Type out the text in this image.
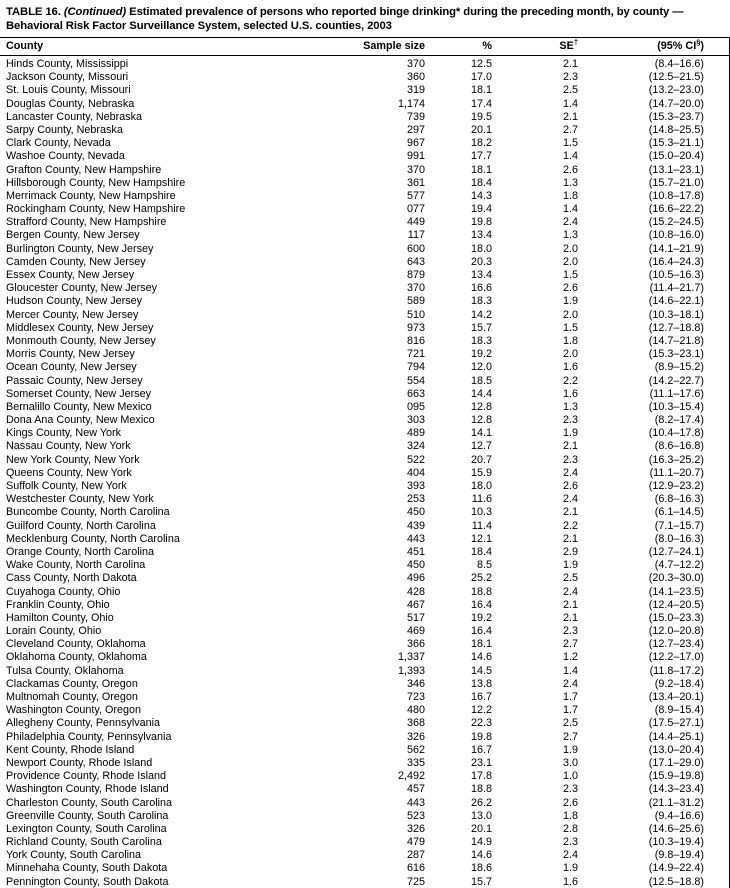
TABLE 16. (Continued) Estimated prevalence of persons who reported binge drinking* during the preceding month, by county —
Behavioral Risk Factor Surveillance System, selected U.S. counties, 2003
County	Sample size	%	SE†	(95% CI§)
Hinds County, Mississippi	370	12.5	2.1	(8.4–16.6)
Jackson County, Missouri	360	17.0	2.3	(12.5–21.5)
St. Louis County, Missouri	319	18.1	2.5	(13.2–23.0)
Douglas County, Nebraska	1,174	17.4	1.4	(14.7–20.0)
Lancaster County, Nebraska	739	19.5	2.1	(15.3–23.7)
Sarpy County, Nebraska	297	20.1	2.7	(14.8–25.5)
Clark County, Nevada	967	18.2	1.5	(15.3–21.1)
Washoe County, Nevada	991	17.7	1.4	(15.0–20.4)
Grafton County, New Hampshire	370	18.1	2.6	(13.1–23.1)
Hillsborough County, New Hampshire	361	18.4	1.3	(15.7–21.0)
Merrimack County, New Hampshire	577	14.3	1.8	(10.8–17.8)
Rockingham County, New Hampshire	077	19.4	1.4	(16.6–22.2)
Strafford County, New Hampshire	449	19.8	2.4	(15.2–24.5)
Bergen County, New Jersey	117	13.4	1.3	(10.8–16.0)
Burlington County, New Jersey	600	18.0	2.0	(14.1–21.9)
Camden County, New Jersey	643	20.3	2.0	(16.4–24.3)
Essex County, New Jersey	879	13.4	1.5	(10.5–16.3)
Gloucester County, New Jersey	370	16.6	2.6	(11.4–21.7)
Hudson County, New Jersey	589	18.3	1.9	(14.6–22.1)
Mercer County, New Jersey	510	14.2	2.0	(10.3–18.1)
Middlesex County, New Jersey	973	15.7	1.5	(12.7–18.8)
Monmouth County, New Jersey	816	18.3	1.8	(14.7–21.8)
Morris County, New Jersey	721	19.2	2.0	(15.3–23.1)
Ocean County, New Jersey	794	12.0	1.6	(8.9–15.2)
Passaic County, New Jersey	554	18.5	2.2	(14.2–22.7)
Somerset County, New Jersey	663	14.4	1.6	(11.1–17.6)
Bernalillo County, New Mexico	095	12.8	1.3	(10.3–15.4)
Dona Ana County, New Mexico	303	12.8	2.3	(8.2–17.4)
Kings County, New York	489	14.1	1.9	(10.4–17.8)
Nassau County, New York	324	12.7	2.1	(8.6–16.8)
New York County, New York	522	20.7	2.3	(16.3–25.2)
Queens County, New York	404	15.9	2.4	(11.1–20.7)
Suffolk County, New York	393	18.0	2.6	(12.9–23.2)
Westchester County, New York	253	11.6	2.4	(6.8–16.3)
Buncombe County, North Carolina	450	10.3	2.1	(6.1–14.5)
Guilford County, North Carolina	439	11.4	2.2	(7.1–15.7)
Mecklenburg County, North Carolina	443	12.1	2.1	(8.0–16.3)
Orange County, North Carolina	451	18.4	2.9	(12.7–24.1)
Wake County, North Carolina	450	8.5	1.9	(4.7–12.2)
Cass County, North Dakota	496	25.2	2.5	(20.3–30.0)
Cuyahoga County, Ohio	428	18.8	2.4	(14.1–23.5)
Franklin County, Ohio	467	16.4	2.1	(12.4–20.5)
Hamilton County, Ohio	517	19.2	2.1	(15.0–23.3)
Lorain County, Ohio	469	16.4	2.3	(12.0–20.8)
Cleveland County, Oklahoma	366	18.1	2.7	(12.7–23.4)
Oklahoma County, Oklahoma	1,337	14.6	1.2	(12.2–17.0)
Tulsa County, Oklahoma	1,393	14.5	1.4	(11.8–17.2)
Clackamas County, Oregon	346	13.8	2.4	(9.2–18.4)
Multnomah County, Oregon	723	16.7	1.7	(13.4–20.1)
Washington County, Oregon	480	12.2	1.7	(8.9–15.4)
Allegheny County, Pennsylvania	368	22.3	2.5	(17.5–27.1)
Philadelphia County, Pennsylvania	326	19.8	2.7	(14.4–25.1)
Kent County, Rhode Island	562	16.7	1.9	(13.0–20.4)
Newport County, Rhode Island	335	23.1	3.0	(17.1–29.0)
Providence County, Rhode Island	2,492	17.8	1.0	(15.9–19.8)
Washington County, Rhode Island	457	18.8	2.3	(14.3–23.4)
Charleston County, South Carolina	443	26.2	2.6	(21.1–31.2)
Greenville County, South Carolina	523	13.0	1.8	(9.4–16.6)
Lexington County, South Carolina	326	20.1	2.8	(14.6–25.6)
Richland County, South Carolina	479	14.9	2.3	(10.3–19.4)
York County, South Carolina	287	14.6	2.4	(9.8–19.4)
Minnehaha County, South Dakota	616	18.6	1.9	(14.9–22.4)
Pennington County, South Dakota	725	15.7	1.6	(12.5–18.8)
